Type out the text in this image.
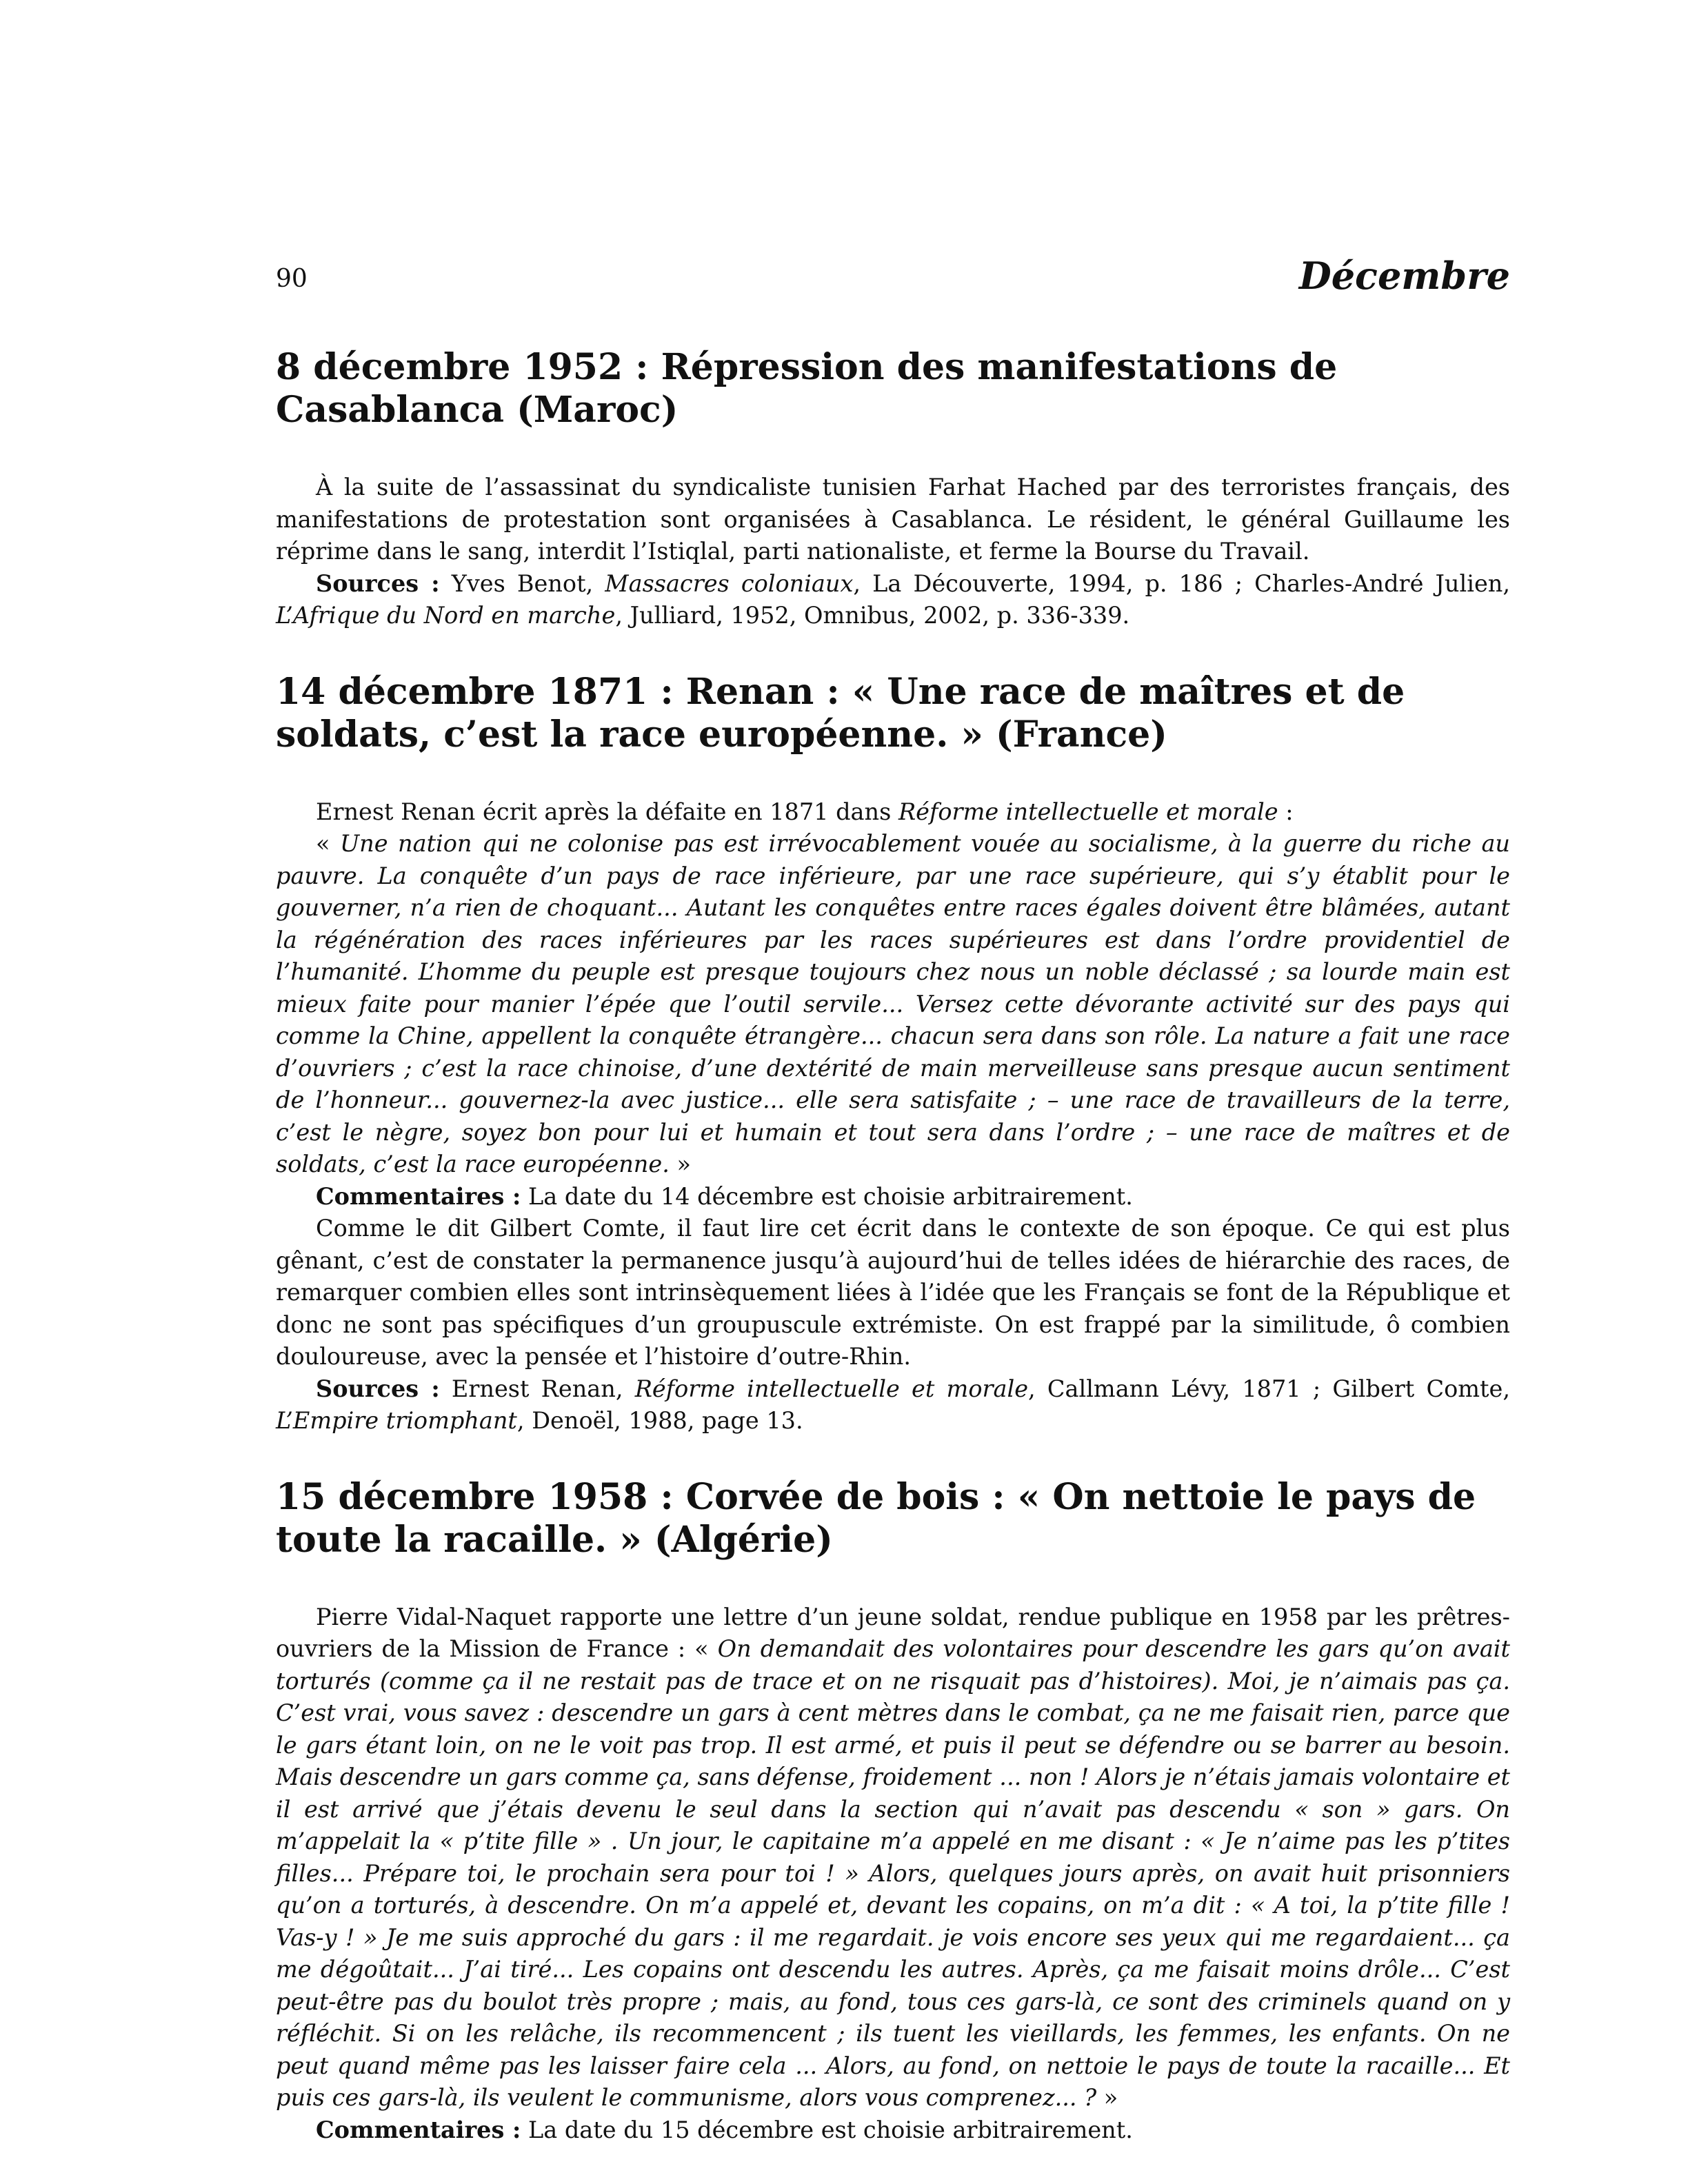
90	Décembre
8 décembre 1952 : Répression des manifestations de Casablanca (Maroc)

À la suite de l’assassinat du syndicaliste tunisien Farhat Hached par des terroristes français, des manifestations de protestation sont organisées à Casablanca. Le résident, le général Guillaume les réprime dans le sang, interdit l’Istiqlal, parti nationaliste, et ferme la Bourse du Travail.

Sources : Yves Benot, Massacres coloniaux, La Découverte, 1994, p. 186 ; Charles-André Julien, L’Afrique du Nord en marche, Julliard, 1952, Omnibus, 2002, p. 336-339.

14 décembre 1871 : Renan : « Une race de maîtres et de soldats, c’est la race européenne. » (France)

Ernest Renan écrit après la défaite en 1871 dans Réforme intellectuelle et morale :

« Une nation qui ne colonise pas est irrévocablement vouée au socialisme, à la guerre du riche au pauvre. La conquête d’un pays de race inférieure, par une race supérieure, qui s’y établit pour le gouverner, n’a rien de choquant... Autant les conquêtes entre races égales doivent être blâmées, autant la régénération des races inférieures par les races supérieures est dans l’ordre providentiel de l’humanité. L’homme du peuple est presque toujours chez nous un noble déclassé ; sa lourde main est mieux faite pour manier l’épée que l’outil servile... Versez cette dévorante activité sur des pays qui comme la Chine, appellent la conquête étrangère... chacun sera dans son rôle. La nature a fait une race d’ouvriers ; c’est la race chinoise, d’une dextérité de main merveilleuse sans presque aucun sentiment de l’honneur... gouvernez-la avec justice... elle sera satisfaite ; – une race de travailleurs de la terre, c’est le nègre, soyez bon pour lui et humain et tout sera dans l’ordre ; – une race de maîtres et de soldats, c’est la race européenne. »

Commentaires : La date du 14 décembre est choisie arbitrairement.

Comme le dit Gilbert Comte, il faut lire cet écrit dans le contexte de son époque. Ce qui est plus gênant, c’est de constater la permanence jusqu’à aujourd’hui de telles idées de hiérarchie des races, de remarquer combien elles sont intrinsèquement liées à l’idée que les Français se font de la République et donc ne sont pas spécifiques d’un groupuscule extrémiste. On est frappé par la similitude, ô combien douloureuse, avec la pensée et l’histoire d’outre-Rhin.

Sources : Ernest Renan, Réforme intellectuelle et morale, Callmann Lévy, 1871 ; Gilbert Comte, L’Empire triomphant, Denoël, 1988, page 13.

15 décembre 1958 : Corvée de bois : « On nettoie le pays de toute la racaille. » (Algérie)

Pierre Vidal-Naquet rapporte une lettre d’un jeune soldat, rendue publique en 1958 par les prêtres-ouvriers de la Mission de France : « On demandait des volontaires pour descendre les gars qu’on avait torturés (comme ça il ne restait pas de trace et on ne risquait pas d’histoires). Moi, je n’aimais pas ça. C’est vrai, vous savez : descendre un gars à cent mètres dans le combat, ça ne me faisait rien, parce que le gars étant loin, on ne le voit pas trop. Il est armé, et puis il peut se défendre ou se barrer au besoin. Mais descendre un gars comme ça, sans défense, froidement ... non ! Alors je n’étais jamais volontaire et il est arrivé que j’étais devenu le seul dans la section qui n’avait pas descendu « son » gars. On m’appelait la « p’tite fille » . Un jour, le capitaine m’a appelé en me disant : « Je n’aime pas les p’tites filles... Prépare toi, le prochain sera pour toi ! » Alors, quelques jours après, on avait huit prisonniers qu’on a torturés, à descendre. On m’a appelé et, devant les copains, on m’a dit : « A toi, la p’tite fille ! Vas-y ! » Je me suis approché du gars : il me regardait. je vois encore ses yeux qui me regardaient... ça me dégoûtait... J’ai tiré... Les copains ont descendu les autres. Après, ça me faisait moins drôle... C’est peut-être pas du boulot très propre ; mais, au fond, tous ces gars-là, ce sont des criminels quand on y réfléchit. Si on les relâche, ils recommencent ; ils tuent les vieillards, les femmes, les enfants. On ne peut quand même pas les laisser faire cela ... Alors, au fond, on nettoie le pays de toute la racaille... Et puis ces gars-là, ils veulent le communisme, alors vous comprenez... ? »

Commentaires : La date du 15 décembre est choisie arbitrairement.
